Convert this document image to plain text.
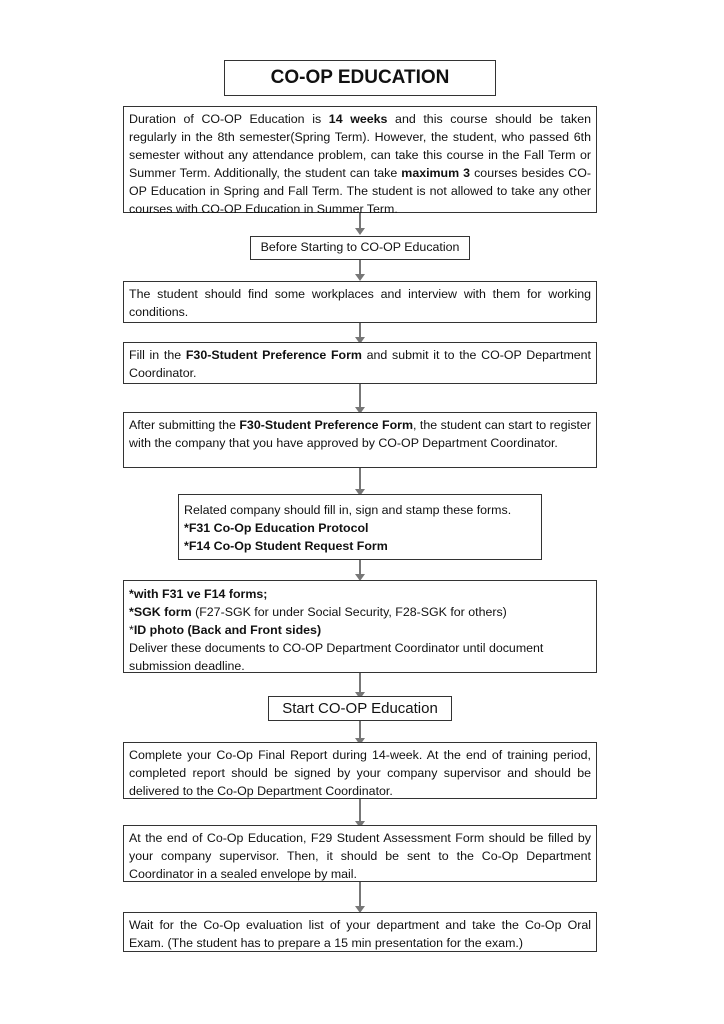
CO-OP EDUCATION
Duration of CO-OP Education is 14 weeks and this course should be taken regularly in the 8th semester(Spring Term). However, the student, who passed 6th semester without any attendance problem, can take this course in the Fall Term or Summer Term. Additionally, the student can take maximum 3 courses besides CO-OP Education in Spring and Fall Term. The student is not allowed to take any other courses with CO-OP Education in Summer Term.
Before Starting to CO-OP Education
The student should find some workplaces and interview with them for working conditions.
Fill in the F30-Student Preference Form and submit it to the CO-OP Department Coordinator.
After submitting the F30-Student Preference Form, the student can start to register with the company that you have approved by CO-OP Department Coordinator.
Related company should fill in, sign and stamp these forms.
*F31 Co-Op Education Protocol
*F14 Co-Op Student Request Form
*with F31 ve F14 forms;
*SGK form (F27-SGK for under Social Security, F28-SGK for others)
*ID photo (Back and Front sides)
Deliver these documents to CO-OP Department Coordinator until document submission deadline.
Start CO-OP Education
Complete your Co-Op Final Report during 14-week. At the end of training period, completed report should be signed by your company supervisor and should be delivered to the Co-Op Department Coordinator.
At the end of Co-Op Education, F29 Student Assessment Form should be filled by your company supervisor. Then, it should be sent to the Co-Op Department Coordinator in a sealed envelope by mail.
Wait for the Co-Op evaluation list of your department and take the Co-Op Oral Exam. (The student has to prepare a 15 min presentation for the exam.)
